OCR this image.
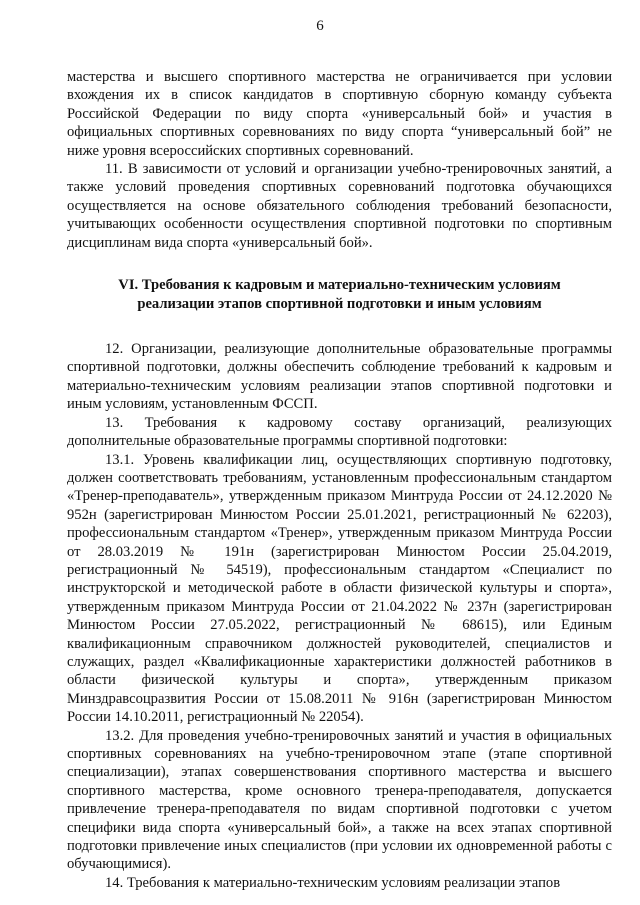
6

мастерства и высшего спортивного мастерства не ограничивается при условии вхождения их в список кандидатов в спортивную сборную команду субъекта Российской Федерации по виду спорта «универсальный бой» и участия в официальных спортивных соревнованиях по виду спорта “универсальный бой” не ниже уровня всероссийских спортивных соревнований.

11. В зависимости от условий и организации учебно-тренировочных занятий, а также условий проведения спортивных соревнований подготовка обучающихся осуществляется на основе обязательного соблюдения требований безопасности, учитывающих особенности осуществления спортивной подготовки по спортивным дисциплинам вида спорта «универсальный бой».

VI. Требования к кадровым и материально-техническим условиям
реализации этапов спортивной подготовки и иным условиям

12. Организации, реализующие дополнительные образовательные программы спортивной подготовки, должны обеспечить соблюдение требований к кадровым и материально-техническим условиям реализации этапов спортивной подготовки и иным условиям, установленным ФССП.

13. Требования к кадровому составу организаций, реализующих дополнительные образовательные программы спортивной подготовки:

13.1. Уровень квалификации лиц, осуществляющих спортивную подготовку, должен соответствовать требованиям, установленным профессиональным стандартом «Тренер-преподаватель», утвержденным приказом Минтруда России от 24.12.2020 № 952н (зарегистрирован Минюстом России 25.01.2021, регистрационный № 62203), профессиональным стандартом «Тренер», утвержденным приказом Минтруда России от 28.03.2019 № 191н (зарегистрирован Минюстом России 25.04.2019, регистрационный № 54519), профессиональным стандартом «Специалист по инструкторской и методической работе в области физической культуры и спорта», утвержденным приказом Минтруда России от 21.04.2022 № 237н (зарегистрирован Минюстом России 27.05.2022, регистрационный № 68615), или Единым квалификационным справочником должностей руководителей, специалистов и служащих, раздел «Квалификационные характеристики должностей работников в области физической культуры и спорта», утвержденным приказом Минздравсоцразвития России от 15.08.2011 № 916н (зарегистрирован Минюстом России 14.10.2011, регистрационный № 22054).

13.2. Для проведения учебно-тренировочных занятий и участия в официальных спортивных соревнованиях на учебно-тренировочном этапе (этапе спортивной специализации), этапах совершенствования спортивного мастерства и высшего спортивного мастерства, кроме основного тренера-преподавателя, допускается привлечение тренера-преподавателя по видам спортивной подготовки с учетом специфики вида спорта «универсальный бой», а также на всех этапах спортивной подготовки привлечение иных специалистов (при условии их одновременной работы с обучающимися).

14. Требования к материально-техническим условиям реализации этапов
